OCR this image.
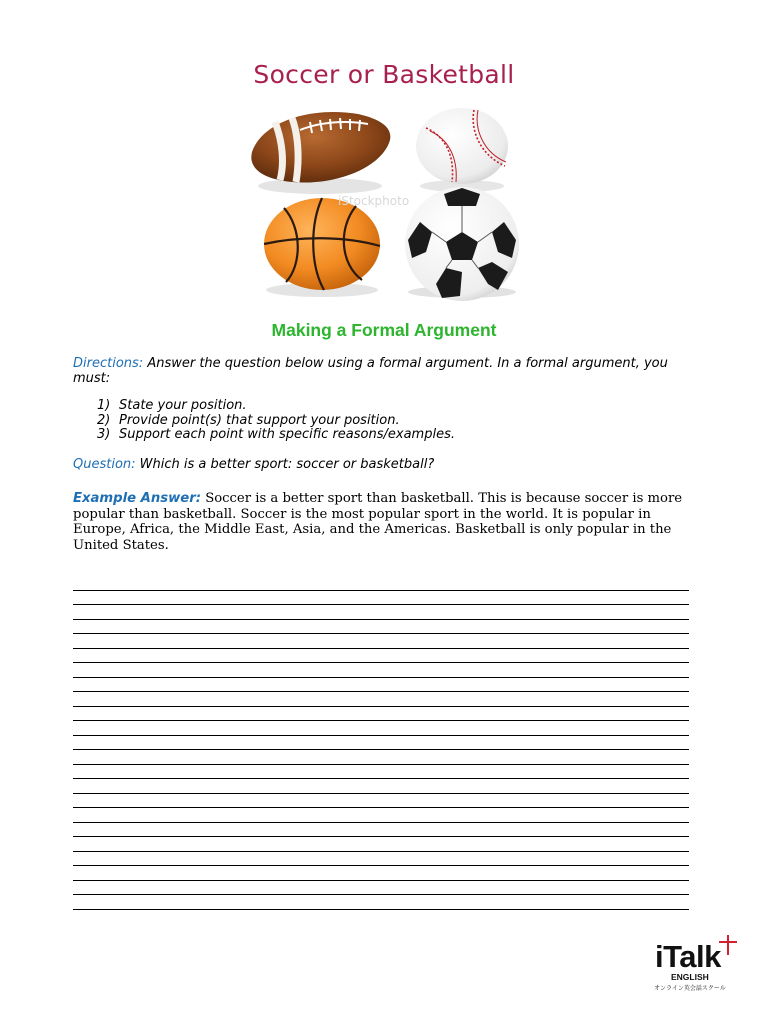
Soccer or Basketball
iStockphoto
Making a Formal Argument
Directions: Answer the question below using a formal argument. In a formal argument, you must:
1) State your position.
2) Provide point(s) that support your position.
3) Support each point with specific reasons/examples.
Question: Which is a better sport: soccer or basketball?
Example Answer: Soccer is a better sport than basketball. This is because soccer is more popular than basketball. Soccer is the most popular sport in the world. It is popular in Europe, Africa, the Middle East, Asia, and the Americas. Basketball is only popular in the United States.
iTalk
ENGLISH
オンライン英会話スクール
